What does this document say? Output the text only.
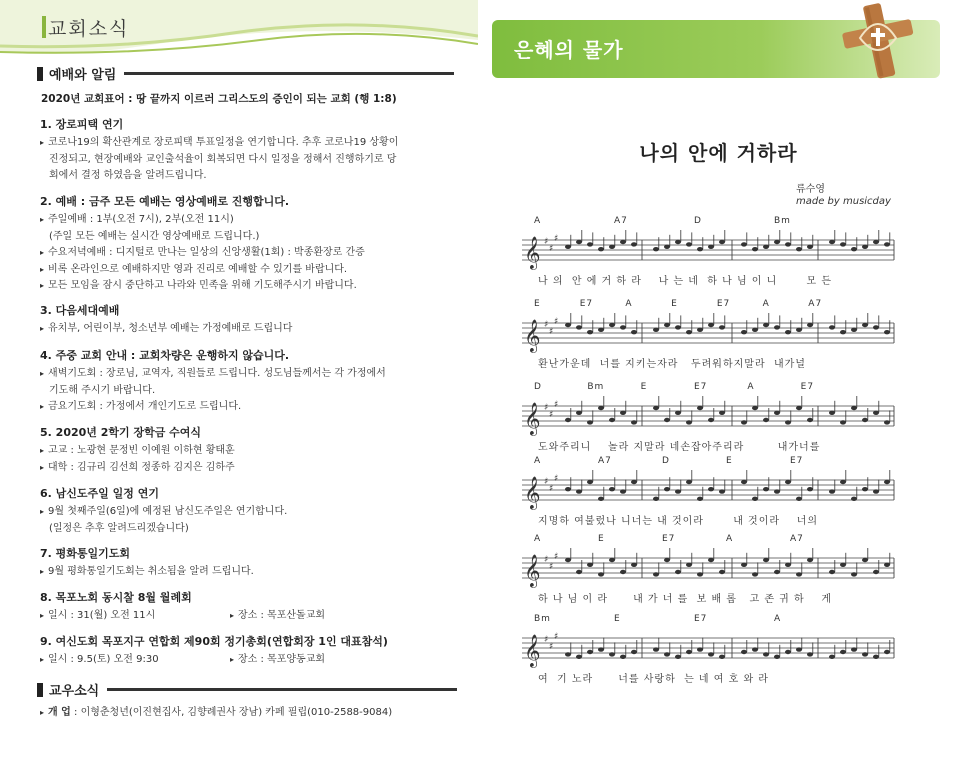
교회소식
예배와 알림
2020년 교회표어 : 땅 끝까지 이르러 그리스도의 증인이 되는 교회 (행 1:8)
1. 장로피택 연기
▸ 코로나19의 확산관계로 장로피택 투표일정을 연기합니다. 추후 코로나19 상황이
진정되고, 현장예배와 교인출석율이 회복되면 다시 일정을 정해서 진행하기로 당
회에서 결정 하였음을 알려드립니다.
2. 예배 : 금주 모든 예배는 영상예배로 진행합니다.
▸ 주일예배 : 1부(오전 7시), 2부(오전 11시)
(주일 모든 예배는 실시간 영상예배로 드립니다.)
▸ 수요저녁예배 : 디지털로 만나는 일상의 신앙생활(1회) : 박종환장로 간증
▸ 비록 온라인으로 예배하지만 영과 진리로 예배할 수 있기를 바랍니다.
▸ 모든 모임을 잠시 중단하고 나라와 민족을 위해 기도해주시기 바랍니다.
3. 다음세대예배
▸ 유치부, 어린이부, 청소년부 예배는 가정예배로 드립니다
4. 주중 교회 안내 : 교회차량은 운행하지 않습니다.
▸ 새벽기도회 : 장로님, 교역자, 직원들로 드립니다. 성도님들께서는 각 가정에서
기도해 주시기 바랍니다.
▸ 금요기도회 : 가정에서 개인기도로 드립니다.
5. 2020년 2학기 장학금 수여식
▸ 고교 : 노광현 문정빈 이예원 이하현 황태훈
▸ 대학 : 김규리 김선희 정종하 김지은 김하주
6. 남신도주일 일정 연기
▸ 9월 첫째주일(6일)에 예정된 남신도주일은 연기합니다.
(일정은 추후 알려드리겠습니다)
7. 평화통일기도회
▸ 9월 평화통일기도회는 취소됨을 알려 드립니다.
8. 목포노회 동시찰 8월 월례회
▸ 일시 : 31(월) 오전 11시	▸ 장소 : 목포산돌교회
9. 여신도회 목포지구 연합회 제90회 정기총회(연합회장 1인 대표참석)
▸ 일시 : 9.5(토) 오전 9:30	▸ 장소 : 목포양동교회
교우소식
▸ 개 업 : 이형춘청년(이진현집사, 김향례권사 장남) 카페 필립(010-2588-9084)
은혜의 물가
나의 안에 거하라
류수영
made by musicday
𝄞 ♯
♯
♯
A	A7	D	Bm
나 의  안 에 거 하 라    나 는 네  하 나 님 이 니       모 든
𝄞 ♯
♯
♯
E	E7	A	E	E7	A	A7
환난가운데  너를 지키는자라   두려워하지말라  내가널
𝄞 ♯
♯
♯
D	Bm	E	E7	A	E7
도와주리니    놀라 지말라 네손잡아주리라        내가너를
𝄞 ♯
♯
♯
A	A7	D	E	E7
지명하 여불렀나 니너는 내 것이라       내 것이라    너의
𝄞 ♯
♯
♯
A	E	E7	A	A7
하 나 님 이 라      내 가 너 를  보 배 롭   고 존 귀 하    게
𝄞 ♯
♯
♯
Bm	E	E7	A
여  기 노라      너를 사랑하  는 네 여 호 와 라
